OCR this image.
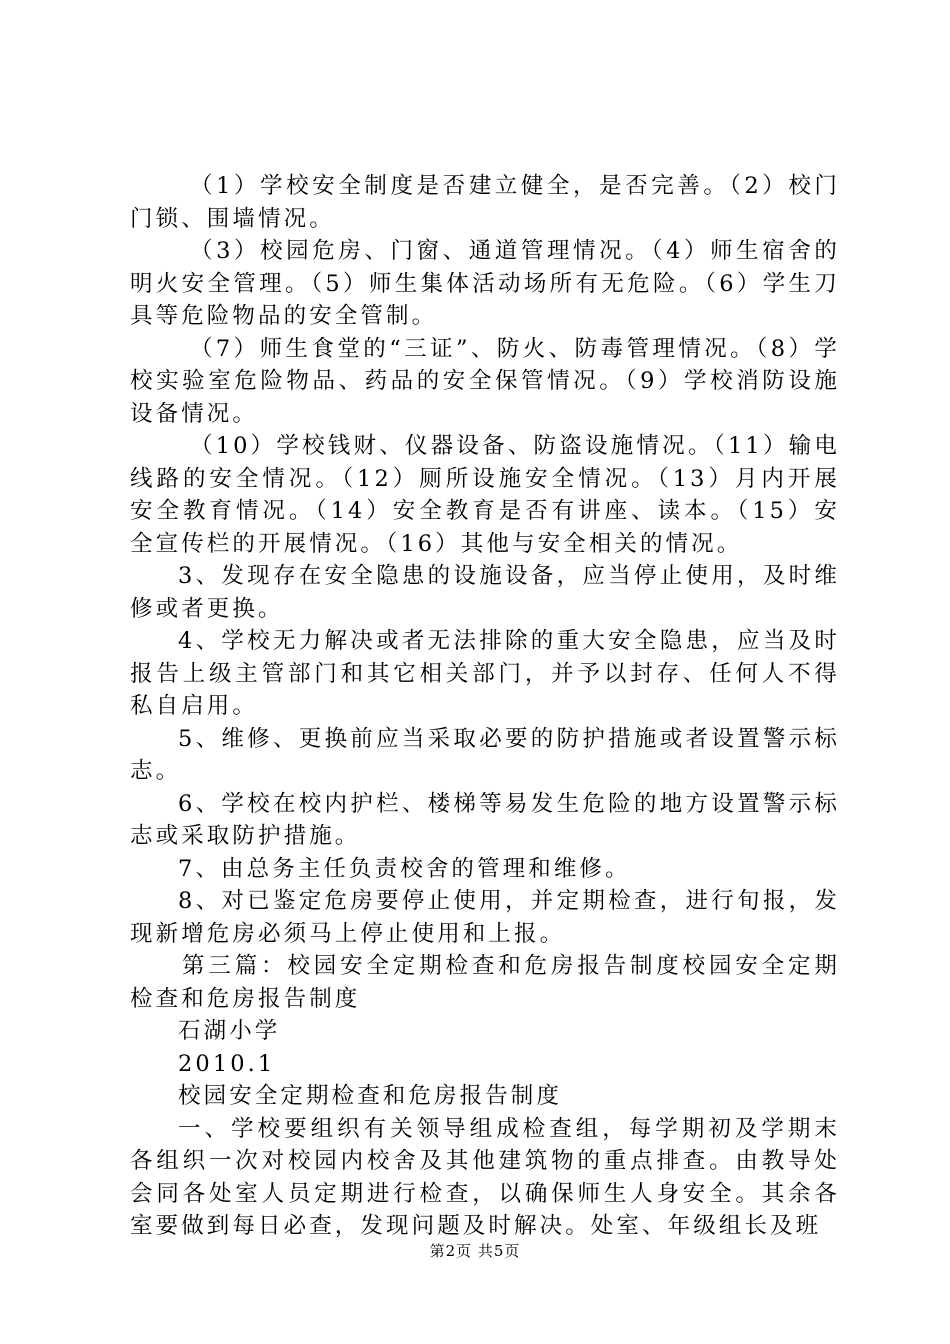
（1）学校安全制度是否建立健全，是否完善。（2）校门门锁、围墙情况。

（3）校园危房、门窗、通道管理情况。（4）师生宿舍的明火安全管理。（5）师生集体活动场所有无危险。（6）学生刀具等危险物品的安全管制。

（7）师生食堂的“三证”、防火、防毒管理情况。（8）学校实验室危险物品、药品的安全保管情况。（9）学校消防设施设备情况。

（10）学校钱财、仪器设备、防盗设施情况。（11）输电线路的安全情况。（12）厕所设施安全情况。（13）月内开展安全教育情况。（14）安全教育是否有讲座、读本。（15）安全宣传栏的开展情况。（16）其他与安全相关的情况。

3、发现存在安全隐患的设施设备，应当停止使用，及时维修或者更换。

4、学校无力解决或者无法排除的重大安全隐患，应当及时报告上级主管部门和其它相关部门，并予以封存、任何人不得私自启用。

5、维修、更换前应当采取必要的防护措施或者设置警示标志。

6、学校在校内护栏、楼梯等易发生危险的地方设置警示标志或采取防护措施。

7、由总务主任负责校舍的管理和维修。

8、对已鉴定危房要停止使用，并定期检查，进行旬报，发现新增危房必须马上停止使用和上报。

第三篇：校园安全定期检查和危房报告制度校园安全定期检查和危房报告制度

石湖小学

2010.1

校园安全定期检查和危房报告制度

一、学校要组织有关领导组成检查组，每学期初及学期末各组织一次对校园内校舍及其他建筑物的重点排查。由教导处会同各处室人员定期进行检查，以确保师生人身安全。其余各室要做到每日必查，发现问题及时解决。处室、年级组长及班

第2页 共5页
